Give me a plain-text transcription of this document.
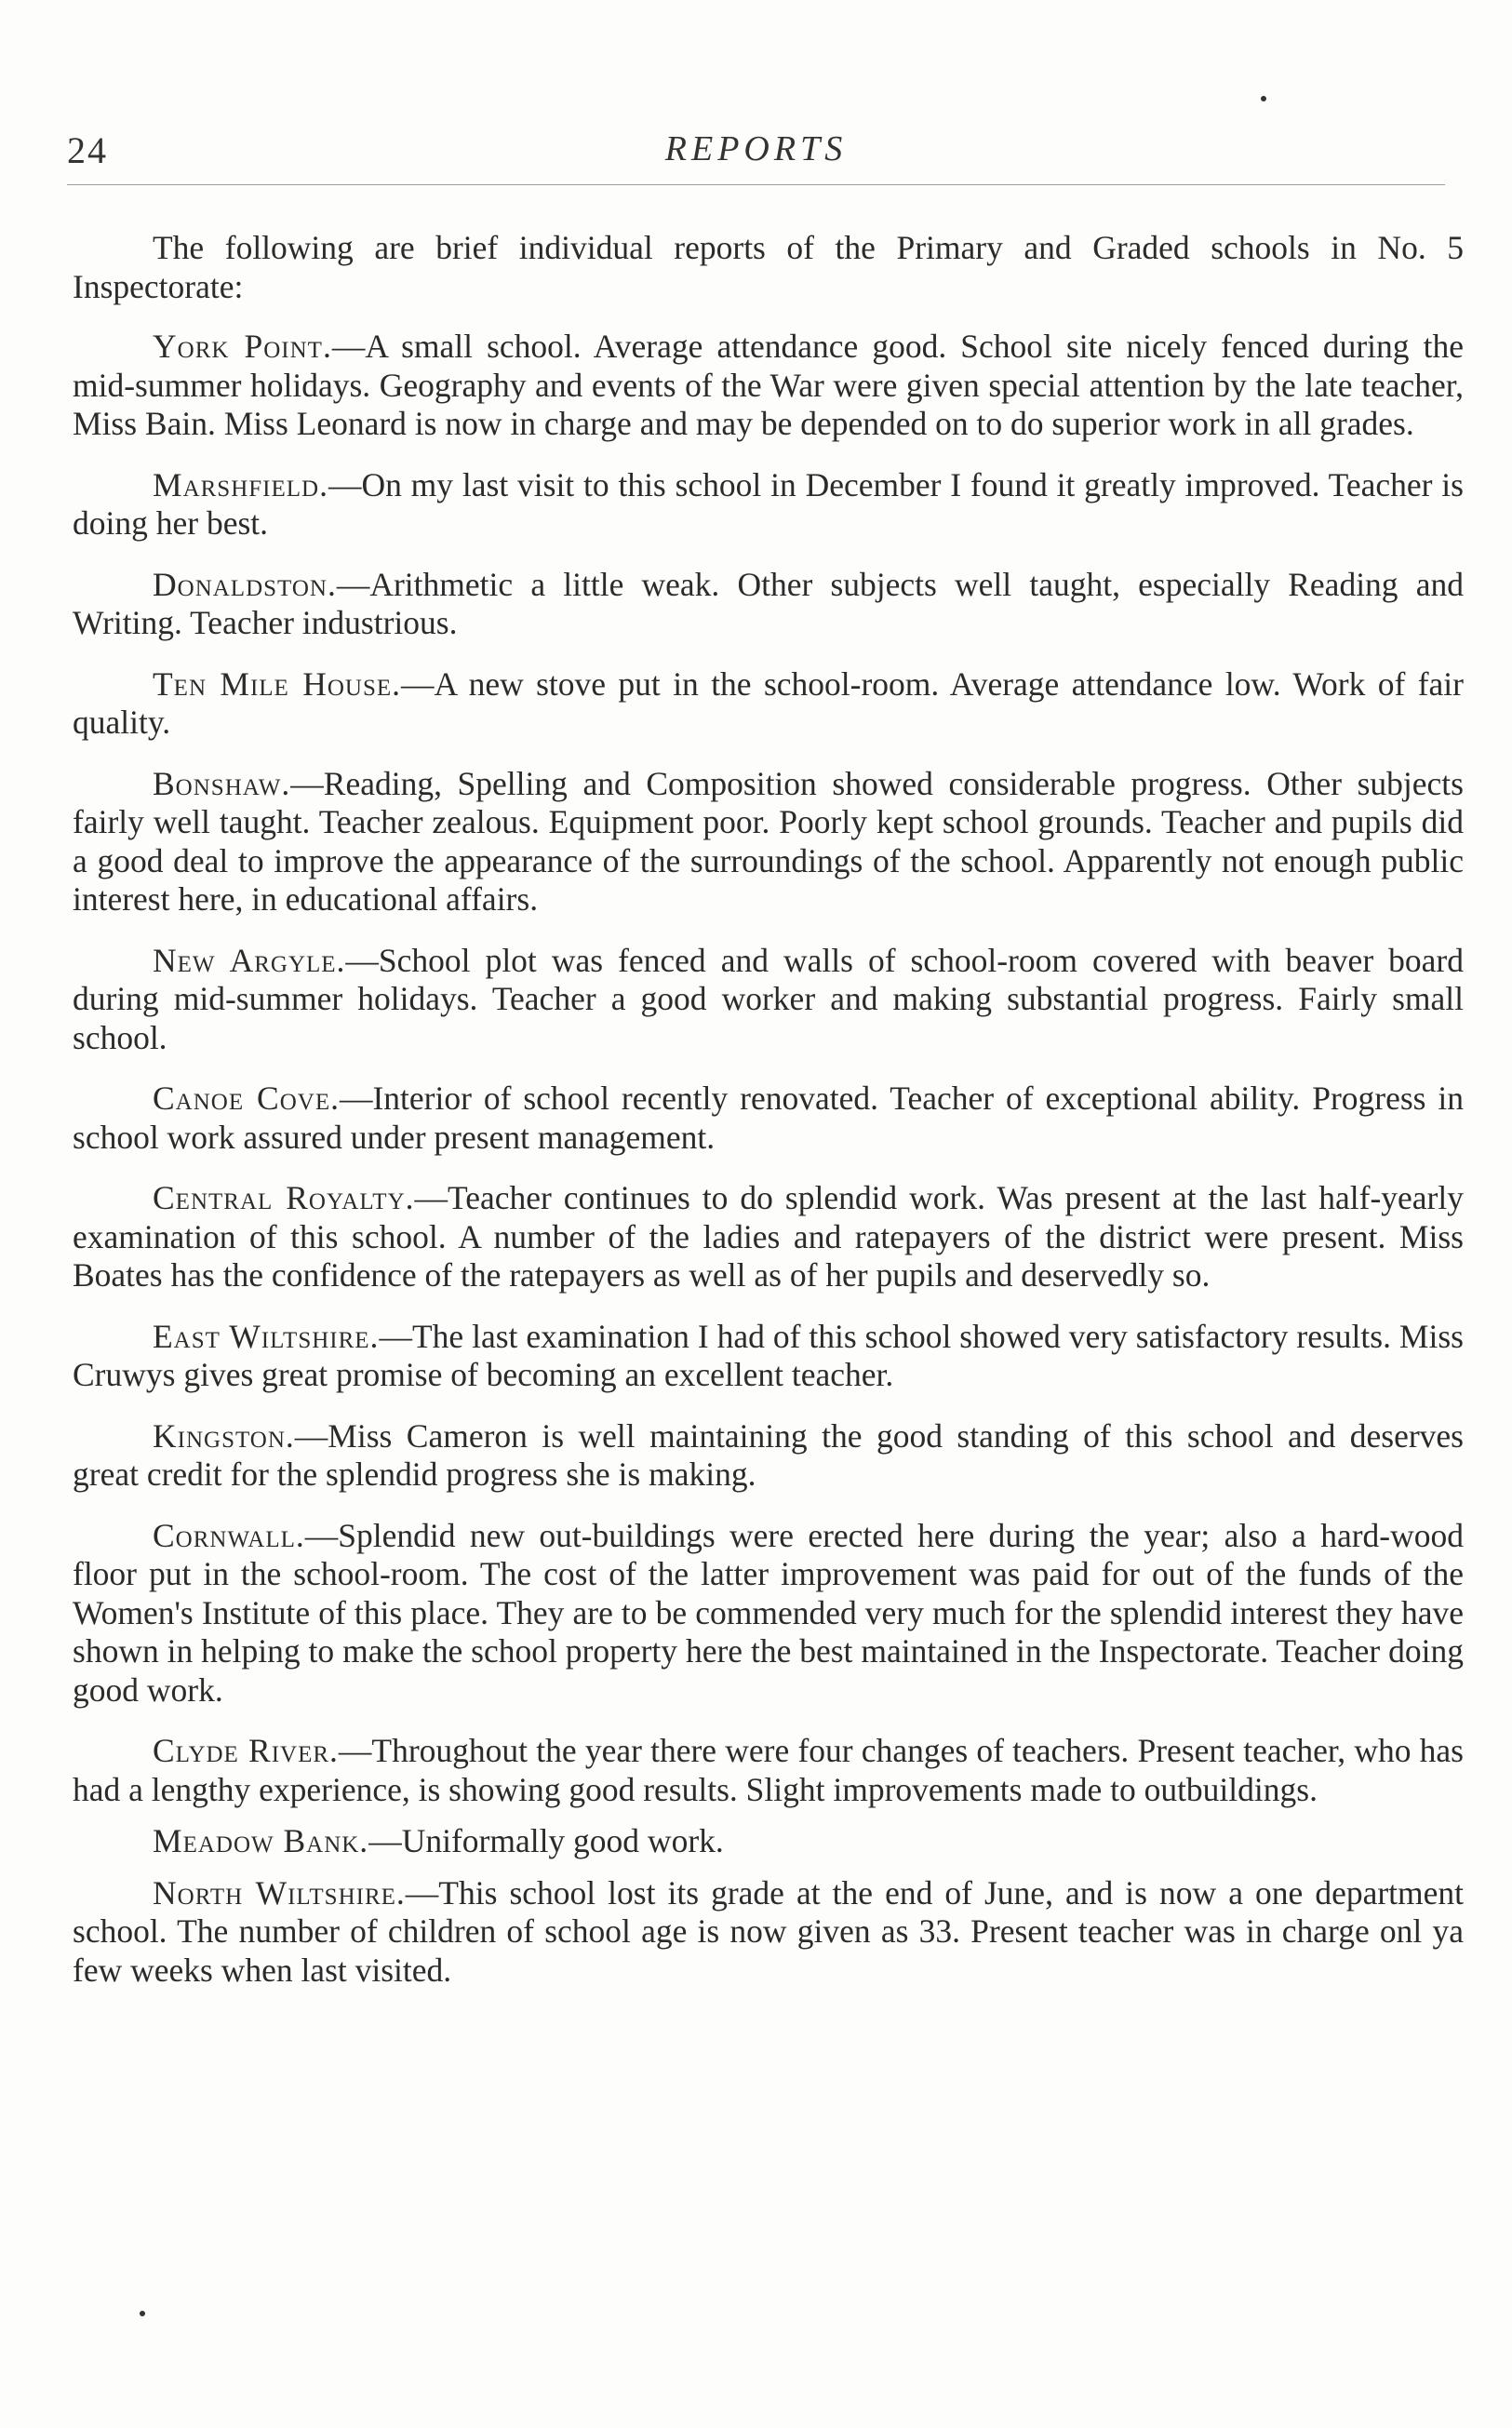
24	REPORTS

The following are brief individual reports of the Primary and Graded schools in No. 5 Inspectorate:

York Point.—A small school. Average attendance good. School site nicely fenced during the mid-summer holidays. Geography and events of the War were given special attention by the late teacher, Miss Bain. Miss Leonard is now in charge and may be depended on to do superior work in all grades.

Marshfield.—On my last visit to this school in December I found it greatly improved. Teacher is doing her best.

Donaldston.—Arithmetic a little weak. Other subjects well taught, especially Reading and Writing. Teacher industrious.

Ten Mile House.—A new stove put in the school-room. Average attendance low. Work of fair quality.

Bonshaw.—Reading, Spelling and Composition showed considerable progress. Other subjects fairly well taught. Teacher zealous. Equipment poor. Poorly kept school grounds. Teacher and pupils did a good deal to improve the appearance of the surroundings of the school. Apparently not enough public interest here, in educational affairs.

New Argyle.—School plot was fenced and walls of school-room covered with beaver board during mid-summer holidays. Teacher a good worker and making substantial progress. Fairly small school.

Canoe Cove.—Interior of school recently renovated. Teacher of exceptional ability. Progress in school work assured under present management.

Central Royalty.—Teacher continues to do splendid work. Was present at the last half-yearly examination of this school. A number of the ladies and ratepayers of the district were present. Miss Boates has the confidence of the ratepayers as well as of her pupils and deservedly so.

East Wiltshire.—The last examination I had of this school showed very satisfactory results. Miss Cruwys gives great promise of becoming an excellent teacher.

Kingston.—Miss Cameron is well maintaining the good standing of this school and deserves great credit for the splendid progress she is making.

Cornwall.—Splendid new out-buildings were erected here during the year; also a hard-wood floor put in the school-room. The cost of the latter improvement was paid for out of the funds of the Women's Institute of this place. They are to be commended very much for the splendid interest they have shown in helping to make the school property here the best maintained in the Inspectorate. Teacher doing good work.

Clyde River.—Throughout the year there were four changes of teachers. Present teacher, who has had a lengthy experience, is showing good results. Slight improvements made to outbuildings.

Meadow Bank.—Uniformally good work.

North Wiltshire.—This school lost its grade at the end of June, and is now a one department school. The number of children of school age is now given as 33. Present teacher was in charge onl ya few weeks when last visited.
